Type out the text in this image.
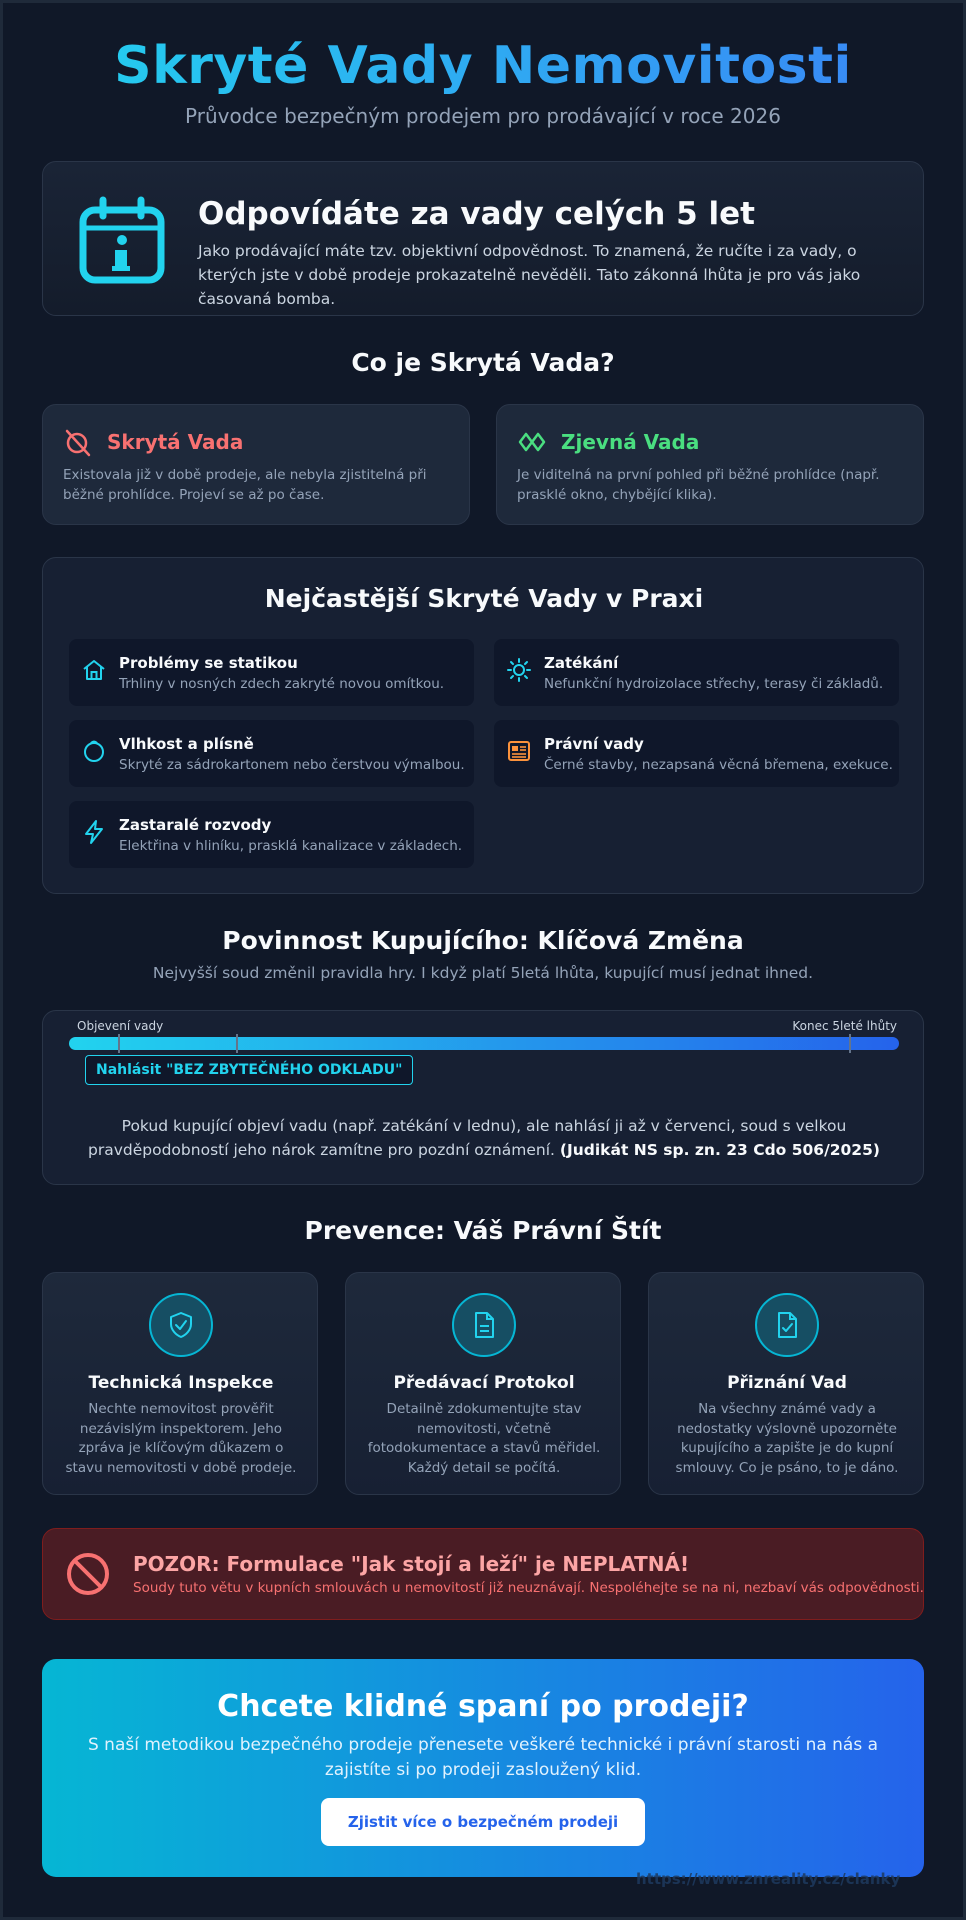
Skryté Vady Nemovitosti

Průvodce bezpečným prodejem pro prodávající v roce 2026

Odpovídáte za vady celých 5 let

Jako prodávající máte tzv. objektivní odpovědnost. To znamená, že ručíte i za vady, o kterých jste v době prodeje prokazatelně nevěděli. Tato zákonná lhůta je pro vás jako časovaná bomba.

Co je Skrytá Vada?
Skrytá Vada

Existovala již v době prodeje, ale nebyla zjistitelná při běžné prohlídce. Projeví se až po čase.

Zjevná Vada

Je viditelná na první pohled při běžné prohlídce (např. prasklé okno, chybějící klika).

Nejčastější Skryté Vady v Praxi
Problémy se statikou
Trhliny v nosných zdech zakryté novou omítkou.
Zatékání
Nefunkční hydroizolace střechy, terasy či základů.
Vlhkost a plísně
Skryté za sádrokartonem nebo čerstvou výmalbou.
Právní vady
Černé stavby, nezapsaná věcná břemena, exekuce.
Zastaralé rozvody
Elektřina v hliníku, prasklá kanalizace v základech.
Povinnost Kupujícího: Klíčová Změna

Nejvyšší soud změnil pravidla hry. I když platí 5letá lhůta, kupující musí jednat ihned.

Objevení vady	Konec 5leté lhůty
Nahlásit "BEZ ZBYTEČNÉHO ODKLADU"

Pokud kupující objeví vadu (např. zatékání v lednu), ale nahlásí ji až v červenci, soud s velkou pravděpodobností jeho nárok zamítne pro pozdní oznámení. (Judikát NS sp. zn. 23 Cdo 506/2025)

Prevence: Váš Právní Štít
Technická Inspekce

Nechte nemovitost prověřit nezávislým inspektorem. Jeho zpráva je klíčovým důkazem o stavu nemovitosti v době prodeje.

Předávací Protokol

Detailně zdokumentujte stav nemovitosti, včetně fotodokumentace a stavů měřidel. Každý detail se počítá.

Přiznání Vad

Na všechny známé vady a nedostatky výslovně upozorněte kupujícího a zapište je do kupní smlouvy. Co je psáno, to je dáno.

POZOR: Formulace "Jak stojí a leží" je NEPLATNÁ!

Soudy tuto větu v kupních smlouvách u nemovitostí již neuznávají. Nespoléhejte se na ni, nezbaví vás odpovědnosti.

Chcete klidné spaní po prodeji?

S naší metodikou bezpečného prodeje přenesete veškeré technické i právní starosti na nás a zajistíte si po prodeji zasloužený klid.

Zjistit více o bezpečném prodeji
https://www.znreality.cz/clanky
